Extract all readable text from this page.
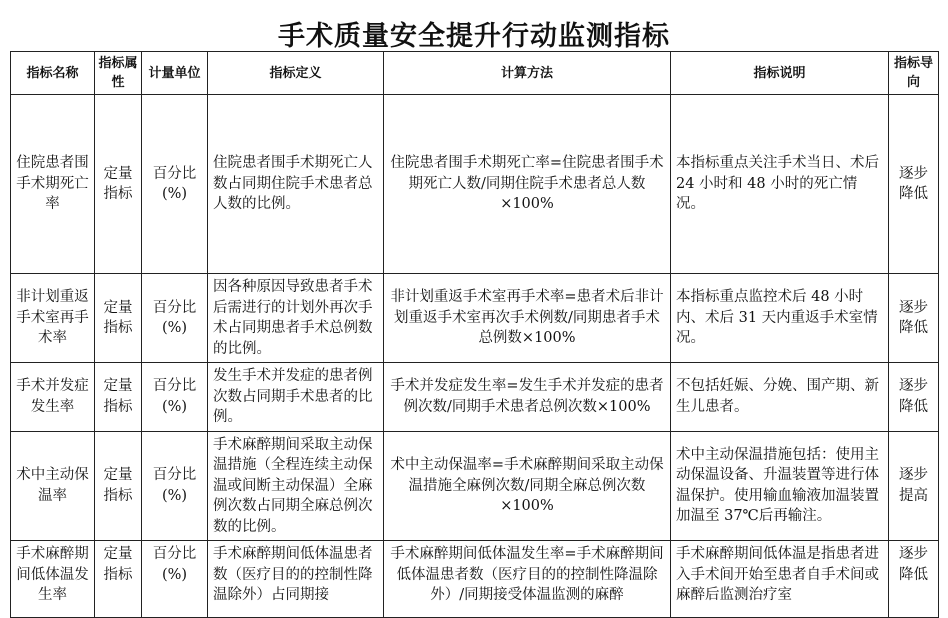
手术质量安全提升行动监测指标
指标名称	指标属性	计量单位	指标定义	计算方法	指标说明	指标导向
住院患者围手术期死亡率	定量指标	百分比(%)	住院患者围手术期死亡人数占同期住院手术患者总人数的比例。	住院患者围手术期死亡率=住院患者围手术期死亡人数/同期住院手术患者总人数×100%	本指标重点关注手术当日、术后 24 小时和 48 小时的死亡情况。	逐步降低
非计划重返手术室再手术率	定量指标	百分比(%)	因各种原因导致患者手术后需进行的计划外再次手术占同期患者手术总例数的比例。	非计划重返手术室再手术率=患者术后非计划重返手术室再次手术例数/同期患者手术总例数×100%	本指标重点监控术后 48 小时内、术后 31 天内重返手术室情况。	逐步降低
手术并发症发生率	定量指标	百分比(%)	发生手术并发症的患者例次数占同期手术患者的比例。	手术并发症发生率=发生手术并发症的患者例次数/同期手术患者总例次数×100%	不包括妊娠、分娩、围产期、新生儿患者。	逐步降低
术中主动保温率	定量指标	百分比(%)	手术麻醉期间采取主动保温措施（全程连续主动保温或间断主动保温）全麻例次数占同期全麻总例次数的比例。	术中主动保温率=手术麻醉期间采取主动保温措施全麻例次数/同期全麻总例次数×100%	术中主动保温措施包括：使用主动保温设备、升温装置等进行体温保护。使用输血输液加温装置加温至 37℃后再输注。	逐步提高
手术麻醉期间低体温发生率	定量指标	百分比(%)	手术麻醉期间低体温患者数（医疗目的的控制性降温除外）占同期接	手术麻醉期间低体温发生率=手术麻醉期间低体温患者数（医疗目的的控制性降温除外）/同期接受体温监测的麻醉	手术麻醉期间低体温是指患者进入手术间开始至患者自手术间或麻醉后监测治疗室	逐步降低
